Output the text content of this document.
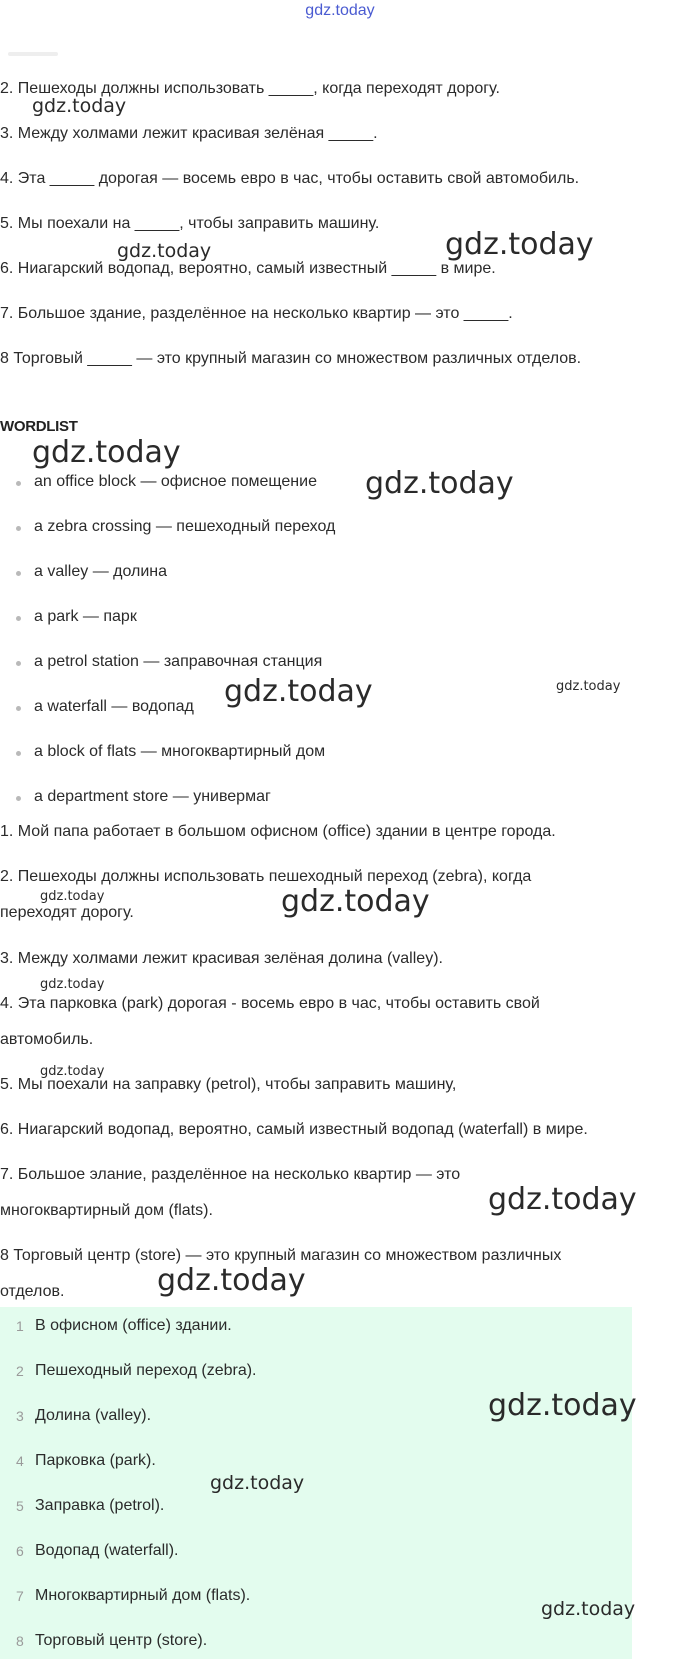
gdz.today
2. Пешеходы должны использовать _____, когда переходят дорогу.
3. Между холмами лежит красивая зелёная _____.
4. Эта _____ дорогая — восемь евро в час, чтобы оставить свой автомобиль.
5. Мы поехали на _____, чтобы заправить машину.
6. Ниагарский водопад, вероятно, самый известный _____ в мире.
7. Большое здание, разделённое на несколько квартир — это _____.
8 Торговый _____ — это крупный магазин со множеством различных отделов.
WORDLIST
an office block — офисное помещение
a zebra crossing — пешеходный переход
a valley — долина
a park — парк
a petrol station — заправочная станция
a waterfall — водопад
a block of flats — многоквартирный дом
a department store — универмаг
1. Мой папа работает в большом офисном (office) здании в центре города.
2. Пешеходы должны использовать пешеходный переход (zebra), когда
переходят дорогу.
3. Между холмами лежит красивая зелёная долина (valley).
4. Эта парковка (park) дорогая - восемь евро в час, чтобы оставить свой
автомобиль.
5. Мы поехали на заправку (petrol), чтобы заправить машину,
6. Ниагарский водопад, вероятно, самый известный водопад (waterfall) в мире.
7. Большое элание, разделённое на несколько квартир — это
многоквартирный дом (flats).
8 Торговый центр (store) — это крупный магазин со множеством различных
отделов.
1 В офисном (office) здании.
2 Пешеходный переход (zebra).
3 Долина (valley).
4 Парковка (park).
5 Заправка (petrol).
6 Водопад (waterfall).
7 Многоквартирный дом (flats).
8 Торговый центр (store).
gdz.today
gdz.today	gdz.today
gdz.today
gdz.today
gdz.today	gdz.today
gdz.today	gdz.today
gdz.today
gdz.today
gdz.today
gdz.today
gdz.today
gdz.today
gdz.today
